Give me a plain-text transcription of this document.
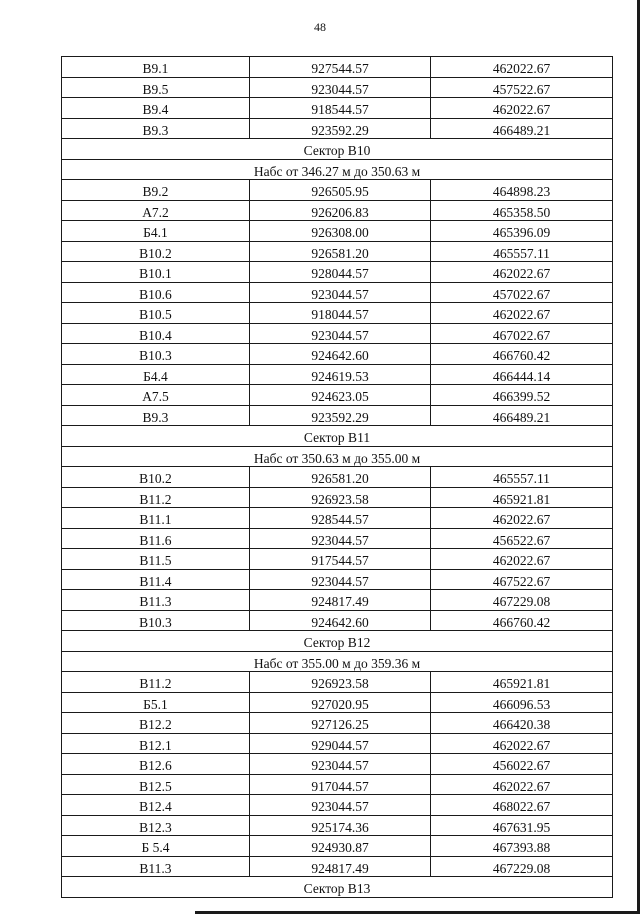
48
В9.1	927544.57	462022.67
В9.5	923044.57	457522.67
В9.4	918544.57	462022.67
В9.3	923592.29	466489.21
Сектор В10		
Набс от 346.27 м до 350.63 м		
В9.2	926505.95	464898.23
А7.2	926206.83	465358.50
Б4.1	926308.00	465396.09
В10.2	926581.20	465557.11
В10.1	928044.57	462022.67
В10.6	923044.57	457022.67
В10.5	918044.57	462022.67
В10.4	923044.57	467022.67
В10.3	924642.60	466760.42
Б4.4	924619.53	466444.14
А7.5	924623.05	466399.52
В9.3	923592.29	466489.21
Сектор В11		
Набс от 350.63 м до 355.00 м		
В10.2	926581.20	465557.11
В11.2	926923.58	465921.81
В11.1	928544.57	462022.67
В11.6	923044.57	456522.67
В11.5	917544.57	462022.67
В11.4	923044.57	467522.67
В11.3	924817.49	467229.08
В10.3	924642.60	466760.42
Сектор В12		
Набс от 355.00 м до 359.36 м		
В11.2	926923.58	465921.81
Б5.1	927020.95	466096.53
В12.2	927126.25	466420.38
В12.1	929044.57	462022.67
В12.6	923044.57	456022.67
В12.5	917044.57	462022.67
В12.4	923044.57	468022.67
В12.3	925174.36	467631.95
Б 5.4	924930.87	467393.88
В11.3	924817.49	467229.08
Сектор В13		
